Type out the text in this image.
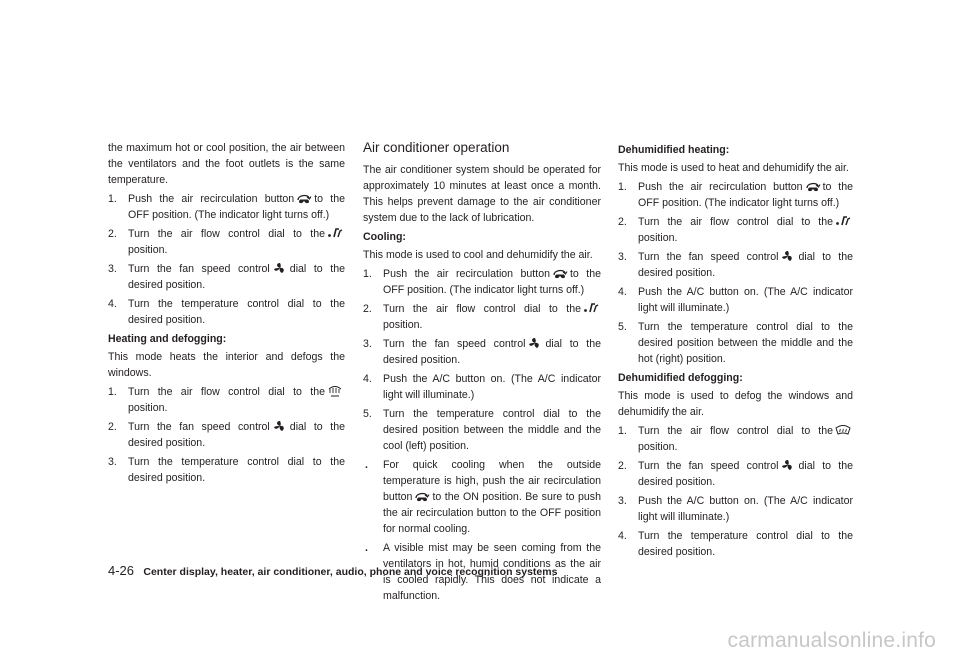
the maximum hot or cool position, the air between the ventilators and the foot outlets is the same temperature.

1. Push the air recirculation button to the OFF position. (The indicator light turns off.)
2. Turn the air flow control dial to theposition.
3. Turn the fan speed control dial to the desired position.
4. Turn the temperature control dial to the desired position.
Heating and defogging:

This mode heats the interior and defogs the windows.

1. Turn the air flow control dial to theposition.
2. Turn the fan speed control dial to the desired position.
3. Turn the temperature control dial to the desired position.
Air conditioner operation

The air conditioner system should be operated for approximately 10 minutes at least once a month. This helps prevent damage to the air conditioner system due to the lack of lubrication.

Cooling:

This mode is used to cool and dehumidify the air.

1. Push the air recirculation button to the OFF position. (The indicator light turns off.)
2. Turn the air flow control dial to theposition.
3. Turn the fan speed control dial to the desired position.
4. Push the A/C button on. (The A/C indicator light will illuminate.)
5. Turn the temperature control dial to the desired position between the middle and the cool (left) position.
. For quick cooling when the outside temperature is high, push the air recirculation button to the ON position. Be sure to push the air recirculation button to the OFF position for normal cooling.
. A visible mist may be seen coming from the ventilators in hot, humid conditions as the air is cooled rapidly. This does not indicate a malfunction.
Dehumidified heating:

This mode is used to heat and dehumidify the air.

1. Push the air recirculation button to the OFF position. (The indicator light turns off.)
2. Turn the air flow control dial to theposition.
3. Turn the fan speed control dial to the desired position.
4. Push the A/C button on. (The A/C indicator light will illuminate.)
5. Turn the temperature control dial to the desired position between the middle and the hot (right) position.
Dehumidified defogging:

This mode is used to defog the windows and dehumidify the air.

1. Turn the air flow control dial to theposition.
2. Turn the fan speed control dial to the desired position.
3. Push the A/C button on. (The A/C indicator light will illuminate.)
4. Turn the temperature control dial to the desired position.
4-26 Center display, heater, air conditioner, audio, phone and voice recognition systems
carmanualsonline.info
